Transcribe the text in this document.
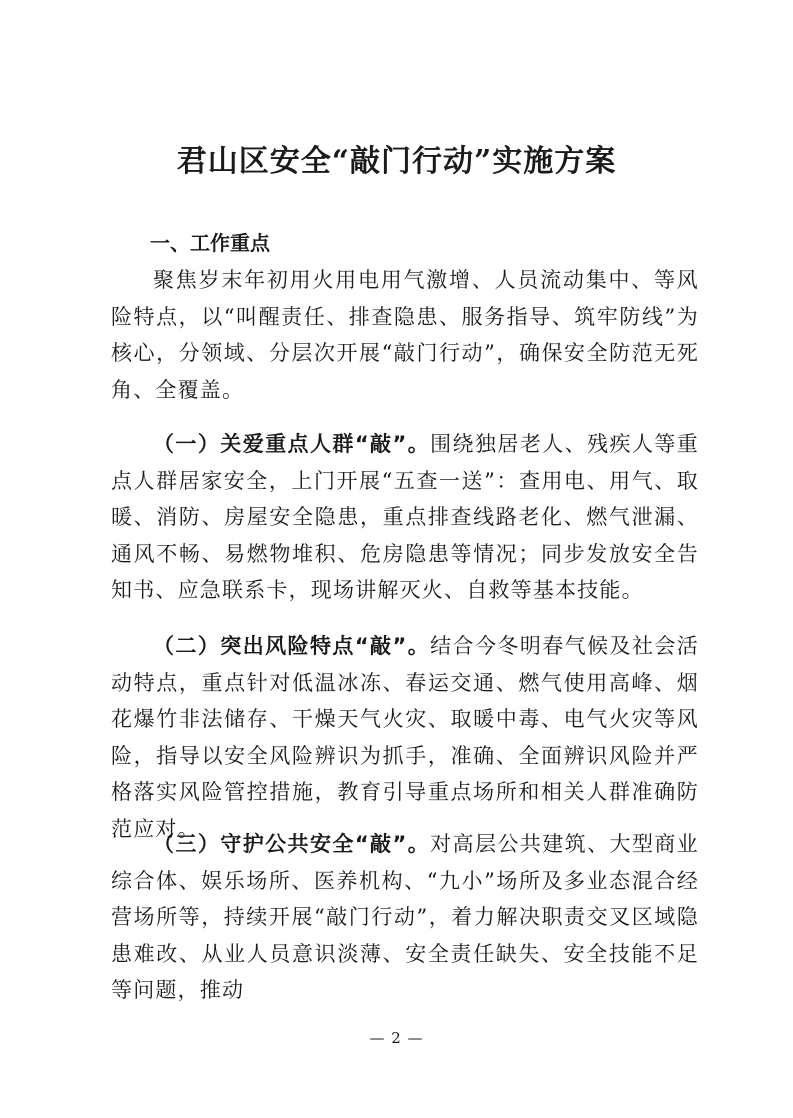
君山区安全“敲门行动”实施方案
一、工作重点

聚焦岁末年初用火用电用气激增、人员流动集中、等风险特点，以“叫醒责任、排查隐患、服务指导、筑牢防线”为核心，分领域、分层次开展“敲门行动”，确保安全防范无死角、全覆盖。

（一）关爱重点人群“敲”。围绕独居老人、残疾人等重点人群居家安全，上门开展“五查一送”：查用电、用气、取暖、消防、房屋安全隐患，重点排查线路老化、燃气泄漏、通风不畅、易燃物堆积、危房隐患等情况；同步发放安全告知书、应急联系卡，现场讲解灭火、自救等基本技能。

（二）突出风险特点“敲”。结合今冬明春气候及社会活动特点，重点针对低温冰冻、春运交通、燃气使用高峰、烟花爆竹非法储存、干燥天气火灾、取暖中毒、电气火灾等风险，指导以安全风险辨识为抓手，准确、全面辨识风险并严格落实风险管控措施，教育引导重点场所和相关人群准确防范应对。

（三）守护公共安全“敲”。对高层公共建筑、大型商业综合体、娱乐场所、医养机构、“九小”场所及多业态混合经营场所等，持续开展“敲门行动”，着力解决职责交叉区域隐患难改、从业人员意识淡薄、安全责任缺失、安全技能不足等问题，推动

— 2 —
